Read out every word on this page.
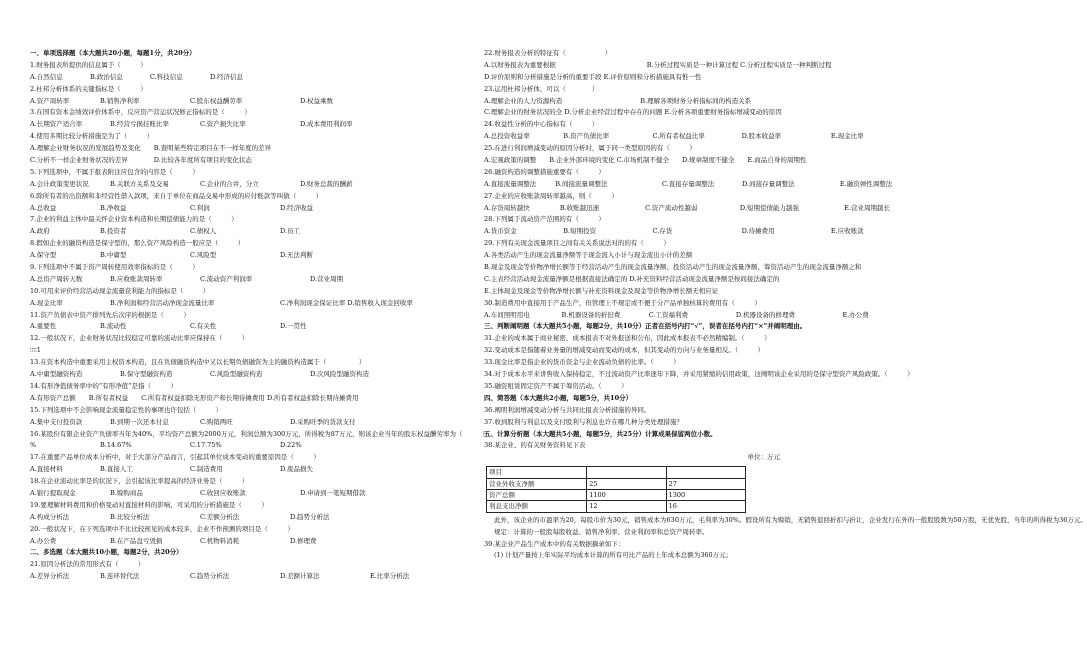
一、单项选择题（本大题共20小题，每题1分，共20分）
1.财务报表所提供的信息属于（　　　）
A.自然信息	B.政治信息	C.科技信息	D.经济信息
2.杜邦分析体系的关键指标是（　　　）
A.资产周转率	B.销售净利率	C.股东权益酬劳率	D.权益乘数
3.在国有资本金绩效评价体系中，反应资产营运状况修正指标的是（　　　）
A.长期资产适合率	B.经营亏损挂账比率	C.资产损失比率	D.成本费用利润率
4.使用多期比较分析措施是为了（　　　）
A.理解企业财务状况的发展趋势及变化　　B.查明某些特定项目在不一样年度的差异
C.分析不一样企业财务状况的差异　　　　D.比较各年度所有项目的变化状态
5.下列选项中，不属于报表附注应包含的内容是（　　　）
A.会计政策变更状况	B.关联方关系及交易	C.企业的合并、分立	D.财务总裁的酬薪
6.除所有者的出资额和非经营性借入款项，来自于单位在商品交易中形成的应付账款等叫做（　　　）
A.总收益	B.净收益	C.利润	D.经济收益
7.企业的利益主体中最关怀企业资本构造和长期偿债能力的是（　　　）
A.政府	B.投资者	C.债权人	D.员工
8.假如企业的融资构造是保守型的，那么资产风险构造一般应是（　　　）
A.保守型	B.中庸型	C.风险型	D.无法判断
9.下列选项中不属于资产周转使用效率指标的是（　　　）
A.总资产周转天数	B.应收账款周转率	C.流动资产利润率	D.营业周期
10.可用来评价经营活动现金流量获利能力的指标是（　　　）
A.现金比率	B.净利润和经营活动净现金流量比率	C.净利润现金保证比率 D.销售收入现金回收率
11.资产负债表中资产排列先后次序的根据是（　　　）
A.重要性	B.流动性	C.有关性	D.一贯性
12.一般状况下，企业财务状况比较稳定可靠的流动比率应保持在（　　　）
∶∶∶∶1
13.在资本构造中重要采用主权资本构造，且在负债融资构造中又以长期负债融资为主的融资构造属于（　　　　　）
A.中庸型融资构造	B.保守型融资构造	C.风险型融资构造	D.次风险型融资构造
14.有形净值债务率中的“有形净值”是指（　　　）
A.有形资产总额　　B.所有者权益　　C.所有者权益扣除无形资产和长期待摊费用 D.所有者权益扣除长期待摊费用
15.下列选项中不会影响现金流量稳定性的事项也许包括（　　　）
A.集中支付投资款	B.到期一次还本付息	C.购销两旺	D.采购旺季的货款支付
16.某股份有限企业资产负债率当年为40%，平均资产总额为2000万元，利润总额为300万元，所得税为87万元，则该企业当年的股东权益酬劳率为（　　　）
%	B.14.67%	C.17.75%	D.22%
17.在重要产品单位成本分析中，对于大部分产品而言，引起其单位成本变动的重要原因是（　　　）
A.直接材料	B.直接人工	C.制造费用	D.废品损失
18.在企业流动比率是的状况下，会引起该比率提高的经济业务是（　　　）
A.银行提取现金	B.赊购商品	C.收回应收账款	D.申请到一笔短期借款
19.要理解材料费用和价格变动对直接材料的影响，可采用的分析措施是（　　　）
A.构成分析法	B.比较分析法	C.差额分析法	D.趋势分析法
20.一般状况下，在下列选项中不比比较预见的成本较多，企业不作预测的项目是（　　　）
A.办公费	B.在产品盘亏毁损	C.机物料消耗	D.修理费
二、多选题（本大题共10小题，每题2分，共20分）
21.原因分析法的常用形式有（　　　）
A.差异分析法	B.连环替代法	C.趋势分析法	D.差额计算法	E.比率分析法
22.财务报表分析的特征有（　　　　　　）
A.以财务报表为重要根据　　　　　　　　　　　　　　B.分析过程实质是一种计算过程 C.分析过程实质是一种判断过程
D.评价原则和分析措施是分析的重要手段 E.评价原则和分析措施具有惟一性
23.运用杜邦分析体，可以（　　　　）
A.理解企业的人力资源构造　　　　　　　　　　　　B.理解各项财务分析指标间的构造关系
C.理解企业的财务状况的全 D.分析企业经营过程中存在的问题 E.分析各项重要财务指标增减变动的原因
24.收益性分析的中心指标有（　　　）
A.总投资收益率	B.资产负债比率	C.所有者权益比率	D.股本收益率	E.现金比率
25.在进行利润增减变动的原因分析时，属于同一类型原因的有（　　　）
A.宏观政策的调整　　B.企业外部环境的变化 C.市场机制不健全　　D.规章制度不健全　　E.商品自身的周期性
26.融资构造的调整措施重要有（　　　）
A.直接流量调整法	B.间接流量调整法	C.直接存量调整法	D.间接存量调整法	E.融资弹性调整法
27.企业的应收账款周转率越高，则（　　　）
A.存货周转越快	B.收账越迅速	C.资产流动性越弱	D.短期偿债能力越强	E.营业周期越长
28.下列属于流动资产范围的有（　　　）
A.货币资金	B.短期投资	C.存货	D.待摊费用	E.应收账款
29.下列有关现金流量项目之间有关关系说法对的的有（　　　）
A.各类活动产生的现金流量净额等于现金流入小计与现金流出小计的差额
B.现金及现金等价物净增长额等于经营活动产生的现金流量净额、投资活动产生的现金流量净额、筹资活动产生的现金流量净额之和
C.主表经营活动现金流量净额是根据直接法确定的 D.补充资料经营活动现金流量净额是按间接法确定的
E.主体现金及现金等价物净增长额与补充资料现金及现金等价物净增长额无相应证
30.制造费用中直接用于产品生产，但管理上不规定或不便于分产品单独核算的费用有（　　　）
A.车间照明用电	B.机器设备的折旧费	C.工资福利费	D.机器设备的修理费	E.办公费
三、判断阐明题（本大题共5小题，每题2分，共10分）正者在括号内打“√”，误者在括号内打“×”并阐明理由。
31.企业的成本属于商业秘密，成本报表不对外报送和公布，因此成本报表不必然精编制。（　　　）
32.变动成本是指随着业务量的增减变动而变动的成本，但其变动的方向与业务量相反。（　　　）
33.现金比率是指企业的货币资金与企业流动负债的比率。（　　　）
34.对于成本水平来讲售收入保持稳定，不过流动资产比率逐年下降，并采用紧缩的信用政策，这阐明该企业采用的是保守型资产风险政策。（　　　）
35.融资租赁固定资产不属于筹资活动。（　　　）
四、简答题（本大题共2小题，每题5分，共10分）
36.阐明利润增减变动分析与共同比报表分析措施的异同。
37.收到股利与利息以及支付股利与利息也许在哪几种分类处理措施？
五、计算分析题（本大题共5小题，每题5分，共25分）计算成果保留两位小数。
38.某企业、的有关财务资料见下表
单位：万元
项目		
营业外收支净额	25	27
资产总额	1100	1300
利息支出净额	12	16
此外，该企业的市盈率为20，每股市价为30元，销售成本为630万元，毛利率为30%。假设所有为赊销，无销售退回折扣与折让，企业发行在外的一般股股数为50万股，无优先股，当年的所得税为36万元。
规定：计算的一般股每股收益、销售净利率、营业利润率和总资产周转率。
39.某企业产品生产成本中的有关数据摘录如下：
(1) 计划产量按上年实际平均成本计算的所有可比产品的上年成本总额为360万元；
